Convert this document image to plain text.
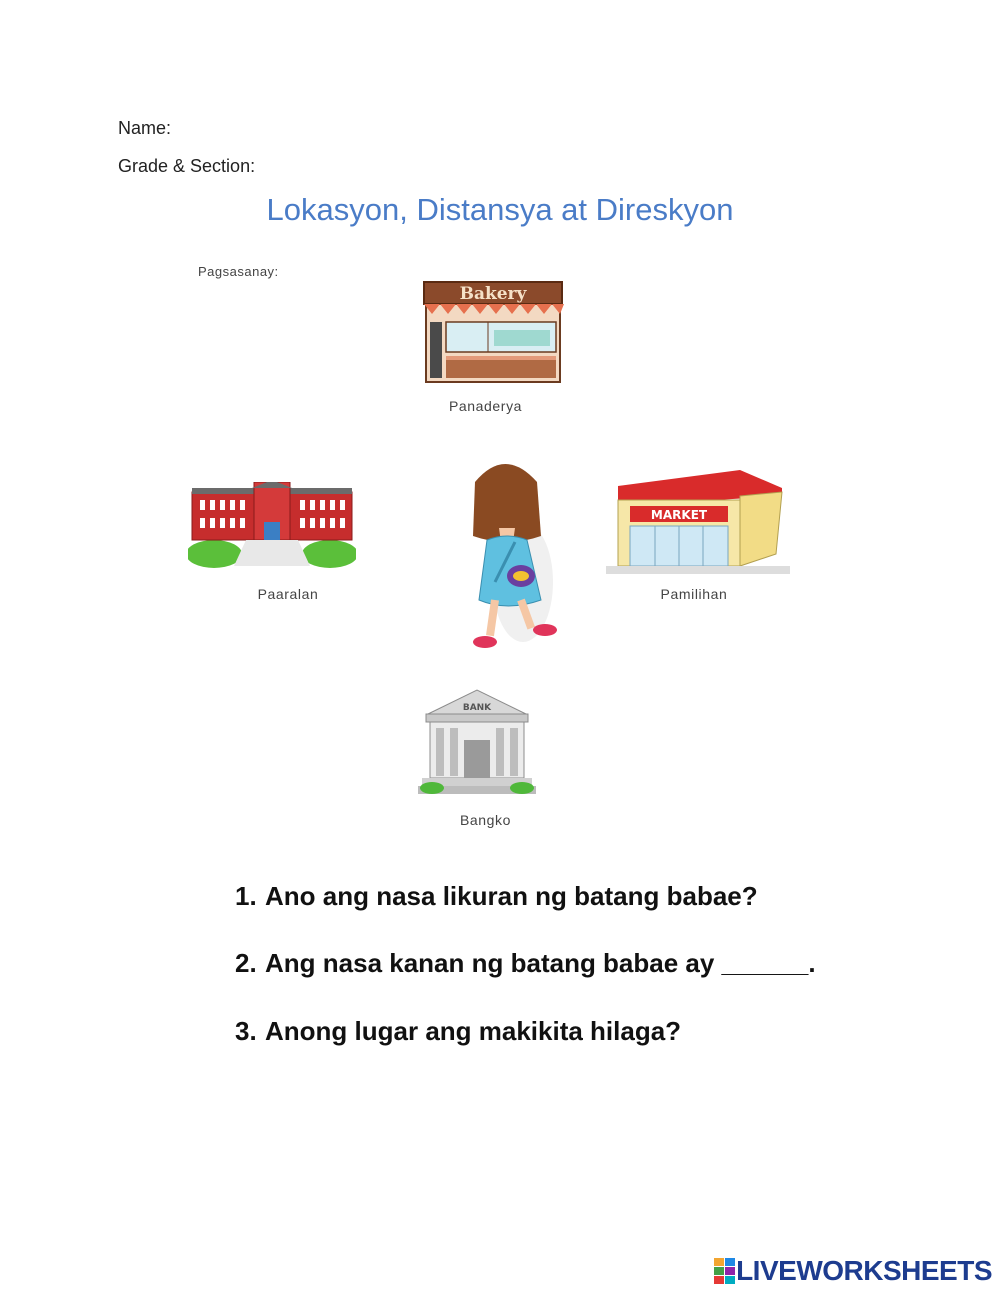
Name:
Grade & Section:
Lokasyon, Distansya at Direskyon
Pagsasanay:
Bakery
Panaderya
Paaralan
MARKET
Pamilihan
BANK
Bangko
1. Ano ang nasa likuran ng batang babae?
2. Ang nasa kanan ng batang babae ay ______.
3. Anong lugar ang makikita hilaga?
LIVEWORKSHEETS
